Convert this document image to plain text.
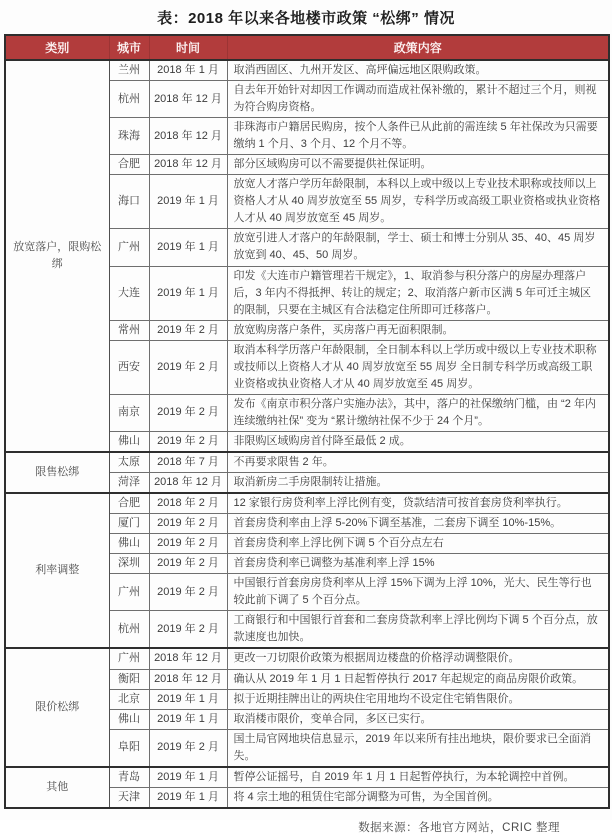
表：2018 年以来各地楼市政策 “松绑” 情况
类别	城市	时间	政策内容
放宽落户，限购松绑	兰州	2018 年 1 月	取消西固区、九州开发区、高坪偏远地区限购政策。
	杭州	2018 年 12 月	自去年开始针对却因工作调动而造成社保补缴的，累计不超过三个月，则视为符合购房资格。
	珠海	2018 年 12 月	非珠海市户籍居民购房，按个人条件已从此前的需连续 5 年社保改为只需要缴纳 1 个月、3 个月、12 个月不等。
	合肥	2018 年 12 月	部分区域购房可以不需要提供社保证明。
	海口	2019 年 1 月	放宽人才落户学历年龄限制，本科以上或中级以上专业技术职称或技师以上资格人才从 40 周岁放宽至 55 周岁，专科学历或高级工职业资格或执业资格人才从 40 周岁放宽至 45 周岁。
	广州	2019 年 1 月	放宽引进人才落户的年龄限制，学士、硕士和博士分别从 35、40、45 周岁放宽到 40、45、50 周岁。
	大连	2019 年 1 月	印发《大连市户籍管理若干规定》，1、取消参与积分落户的房屋办理落户后，3 年内不得抵押、转让的规定；2、取消落户新市区满 5 年可迁主城区的限制，只要在主城区有合法稳定住所即可迁移落户。
	常州	2019 年 2 月	放宽购房落户条件，买房落户再无面积限制。
	西安	2019 年 2 月	取消本科学历落户年龄限制，全日制本科以上学历或中级以上专业技术职称或技师以上资格人才从 40 周岁放宽至 55 周岁 全日制专科学历或高级工职业资格或执业资格人才从 40 周岁放宽至 45 周岁。
	南京	2019 年 2 月	发布《南京市积分落户实施办法》，其中，落户的社保缴纳门槛，由 “2 年内连续缴纳社保” 变为 “累计缴纳社保不少于 24 个月”。
	佛山	2019 年 2 月	非限购区域购房首付降至最低 2 成。
限售松绑	太原	2018 年 7 月	不再要求限售 2 年。
	菏泽	2018 年 12 月	取消新房二手房限制转让措施。
利率调整	合肥	2018 年 2 月	12 家银行房贷利率上浮比例有变，贷款结清可按首套房贷利率执行。
	厦门	2019 年 2 月	首套房贷利率由上浮 5-20%下调至基准，二套房下调至 10%-15%。
	佛山	2019 年 2 月	首套房贷利率上浮比例下调 5 个百分点左右
	深圳	2019 年 2 月	首套房贷利率已调整为基准利率上浮 15%
	广州	2019 年 2 月	中国银行首套房房贷利率从上浮 15%下调为上浮 10%，光大、民生等行也较此前下调了 5 个百分点。
	杭州	2019 年 2 月	工商银行和中国银行首套和二套房贷款利率上浮比例均下调 5 个百分点，放款速度也加快。
限价松绑	广州	2018 年 12 月	更改一刀切限价政策为根据周边楼盘的价格浮动调整限价。
	衡阳	2018 年 12 月	确认从 2019 年 1 月 1 日起暂停执行 2017 年起规定的商品房限价政策。
	北京	2019 年 1 月	拟于近期挂牌出让的两块住宅用地均不设定住宅销售限价。
	佛山	2019 年 1 月	取消楼市限价，变单合同，多区已实行。
	阜阳	2019 年 2 月	国土局官网地块信息显示，2019 年以来所有挂出地块，限价要求已全面消失。
其他	青岛	2019 年 1 月	暂停公证摇号，自 2019 年 1 月 1 日起暂停执行，为本轮调控中首例。
	天津	2019 年 1 月	将 4 宗土地的租赁住宅部分调整为可售，为全国首例。
数据来源：各地官方网站，CRIC 整理
